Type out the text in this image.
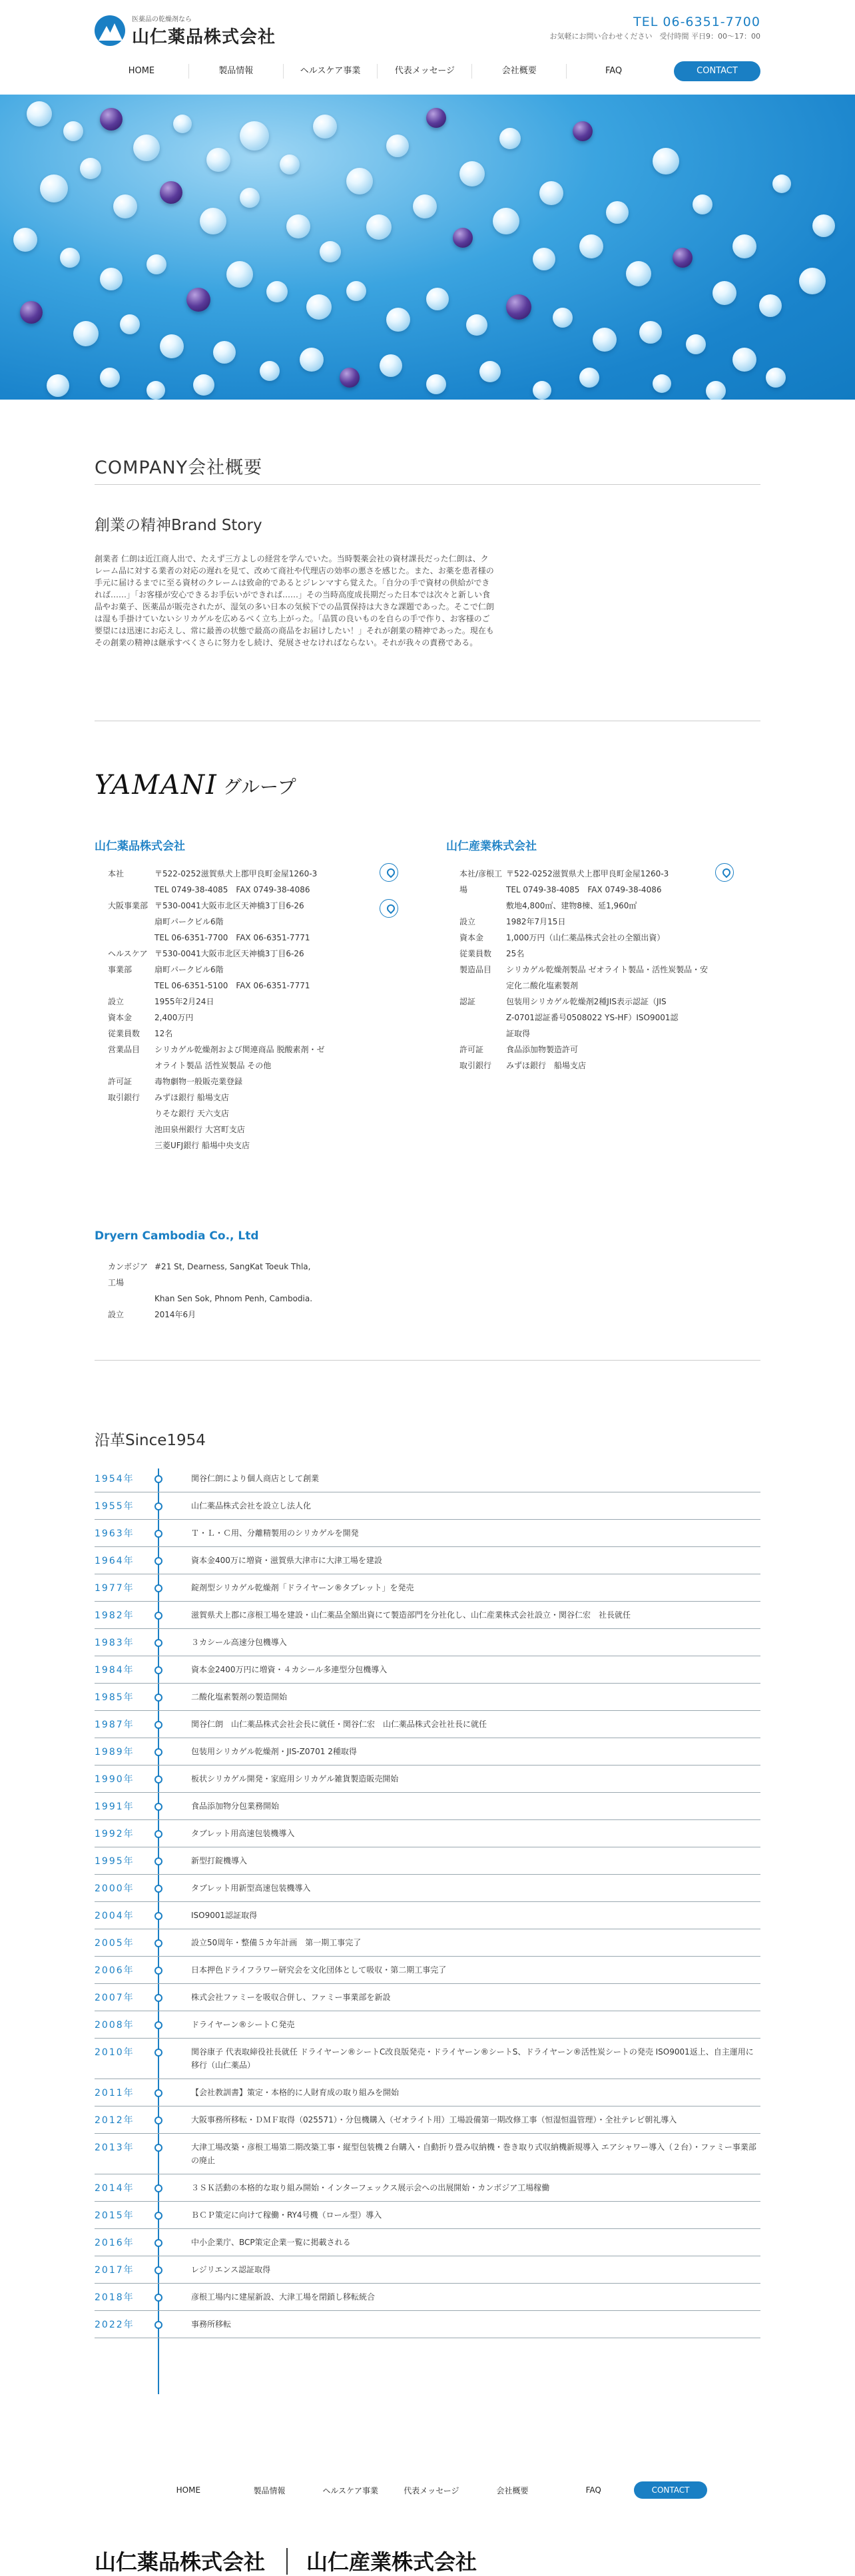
医薬品の乾燥剤なら
山仁薬品株式会社
TEL 06-6351-7700
お気軽にお問い合わせください　受付時間 平日9：00～17：00
HOME	製品情報	ヘルスケア事業	代表メッセージ	会社概要	FAQ	CONTACT
COMPANY会社概要
創業の精神Brand Story
創業者 仁朗は近江商人出で、たえず三方よしの経営を学んでいた。当時製薬会社の資材課長だった仁朗は、クレーム品に対する業者の対応の遅れを見て、改めて商社や代理店の効率の悪さを感じた。また、お薬を患者様の手元に届けるまでに至る資材のクレームは致命的であるとジレンマすら覚えた。「自分の手で資材の供給ができれば……」「お客様が安心できるお手伝いができれば……」その当時高度成長期だった日本では次々と新しい食品やお菓子、医薬品が販売されたが、湿気の多い日本の気候下での品質保持は大きな課題であった。そこで仁朗は湿も手掛けていないシリカゲルを広めるべく立ち上がった。「品質の良いものを自らの手で作り、お客様のご要望には迅速にお応えし、常に最善の状態で最高の商品をお届けしたい！」それが創業の精神であった。現在もその創業の精神は継承すべくさらに努力をし続け、発展させなければならない。それが我々の責務である。
YAMANI グループ
山仁薬品株式会社
本社	〒522-0252滋賀県犬上郡甲良町金屋1260-3
TEL 0749-38-4085　FAX 0749-38-4086
大阪事業部 〒530-0041大阪市北区天神橋3丁目6-26
扇町パークビル6階
TEL 06-6351-7700　FAX 06-6351-7771
ヘルスケア 〒530-0041大阪市北区天神橋3丁目6-26
事業部	扇町パークビル6階
TEL 06-6351-5100　FAX 06-6351-7771
設立	1955年2月24日
資本金	2,400万円
従業員数	12名
営業品目	シリカゲル乾燥剤および関連商品 脱酸素剤・ゼ
オライト製品 活性炭製品 その他
許可証	毒物劇物一般販売業登録
取引銀行	みずほ銀行 船場支店
りそな銀行 天六支店
池田泉州銀行 大宮町支店
三菱UFJ銀行 船場中央支店
山仁産業株式会社
本社/彦根工 〒522-0252滋賀県犬上郡甲良町金屋1260-3
場	TEL 0749-38-4085　FAX 0749-38-4086
敷地4,800㎡、建物8棟、延1,960㎡
設立	1982年7月15日
資本金	1,000万円（山仁薬品株式会社の全額出資）
従業員数	25名
製造品目	シリカゲル乾燥剤製品 ゼオライト製品・活性炭製品・安
定化二酸化塩素製剤
認証	包装用シリカゲル乾燥剤2種JIS表示認証（JIS
Z-0701認証番号0508022 YS-HF）ISO9001認
証取得
許可証	食品添加物製造許可
取引銀行	みずほ銀行　船場支店
Dryern Cambodia Co., Ltd
カンボジア工場
#21 St, Dearness, SangKat Toeuk Thla,
Khan Sen Sok, Phnom Penh, Cambodia.
設立	2014年6月
沿革Since1954
1954年	関谷仁朗により個人商店として創業
1955年	山仁薬品株式会社を設立し法人化
1963年	Ｔ・Ｌ・Ｃ用、分離精製用のシリカゲルを開発
1964年	資本金400万に増資・滋賀県大津市に大津工場を建設
1977年	錠剤型シリカゲル乾燥剤「ドライヤーン®タブレット」を発売
1982年	滋賀県犬上郡に彦根工場を建設・山仁薬品全額出資にて製造部門を分社化し、山仁産業株式会社設立・関谷仁宏　社長就任
1983年	３カシール高速分包機導入
1984年	資本金2400万円に増資・４カシール多連型分包機導入
1985年	二酸化塩素製剤の製造開始
1987年	関谷仁朗　山仁薬品株式会社会長に就任・関谷仁宏　山仁薬品株式会社社長に就任
1989年	包装用シリカゲル乾燥剤・JIS-Z0701 2種取得
1990年	板状シリカゲル開発・家庭用シリカゲル雑貨製造販売開始
1991年	食品添加物分包業務開始
1992年	タブレット用高速包装機導入
1995年	新型打錠機導入
2000年	タブレット用新型高速包装機導入
2004年	ISO9001認証取得
2005年	設立50周年・整備５カ年計画　第一期工事完了
2006年	日本押色ドライフラワー研究会を文化団体として吸収・第二期工事完了
2007年	株式会社ファミーを吸収合併し、ファミー事業部を新設
2008年	ドライヤーン®シートＣ発売
2010年	関谷康子 代表取締役社長就任 ドライヤーン®シートC改良版発売・ドライヤーン®シートS、ドライヤーン®活性炭シートの発売 ISO9001返上、自主運用に移行（山仁薬品）
2011年	【会社教訓書】策定・本格的に人財育成の取り組みを開始
2012年	大阪事務所移転・ＤＭＦ取得（025571）・分包機購入（ゼオライト用）工場設備第一期改修工事（恒湿恒温管理）・全社テレビ朝礼導入
2013年	大津工場改築・彦根工場第二期改築工事・縦型包装機２台購入・自動折り畳み収納機・巻き取り式収納機新規導入 エアシャワー導入（２台）・ファミー事業部の廃止
2014年	３ＳＫ活動の本格的な取り組み開始・インターフェックス展示会への出展開始・カンボジア工場稼働
2015年	ＢＣＰ策定に向けて稼働・RY4号機（ロール型）導入
2016年	中小企業庁、BCP策定企業一覧に掲載される
2017年	レジリエンス認証取得
2018年	彦根工場内に建屋新設、大津工場を閉鎖し移転統合
2022年	事務所移転
HOME	製品情報	ヘルスケア事業	代表メッセージ	会社概要	FAQ	CONTACT
山仁薬品株式会社 山仁産業株式会社
